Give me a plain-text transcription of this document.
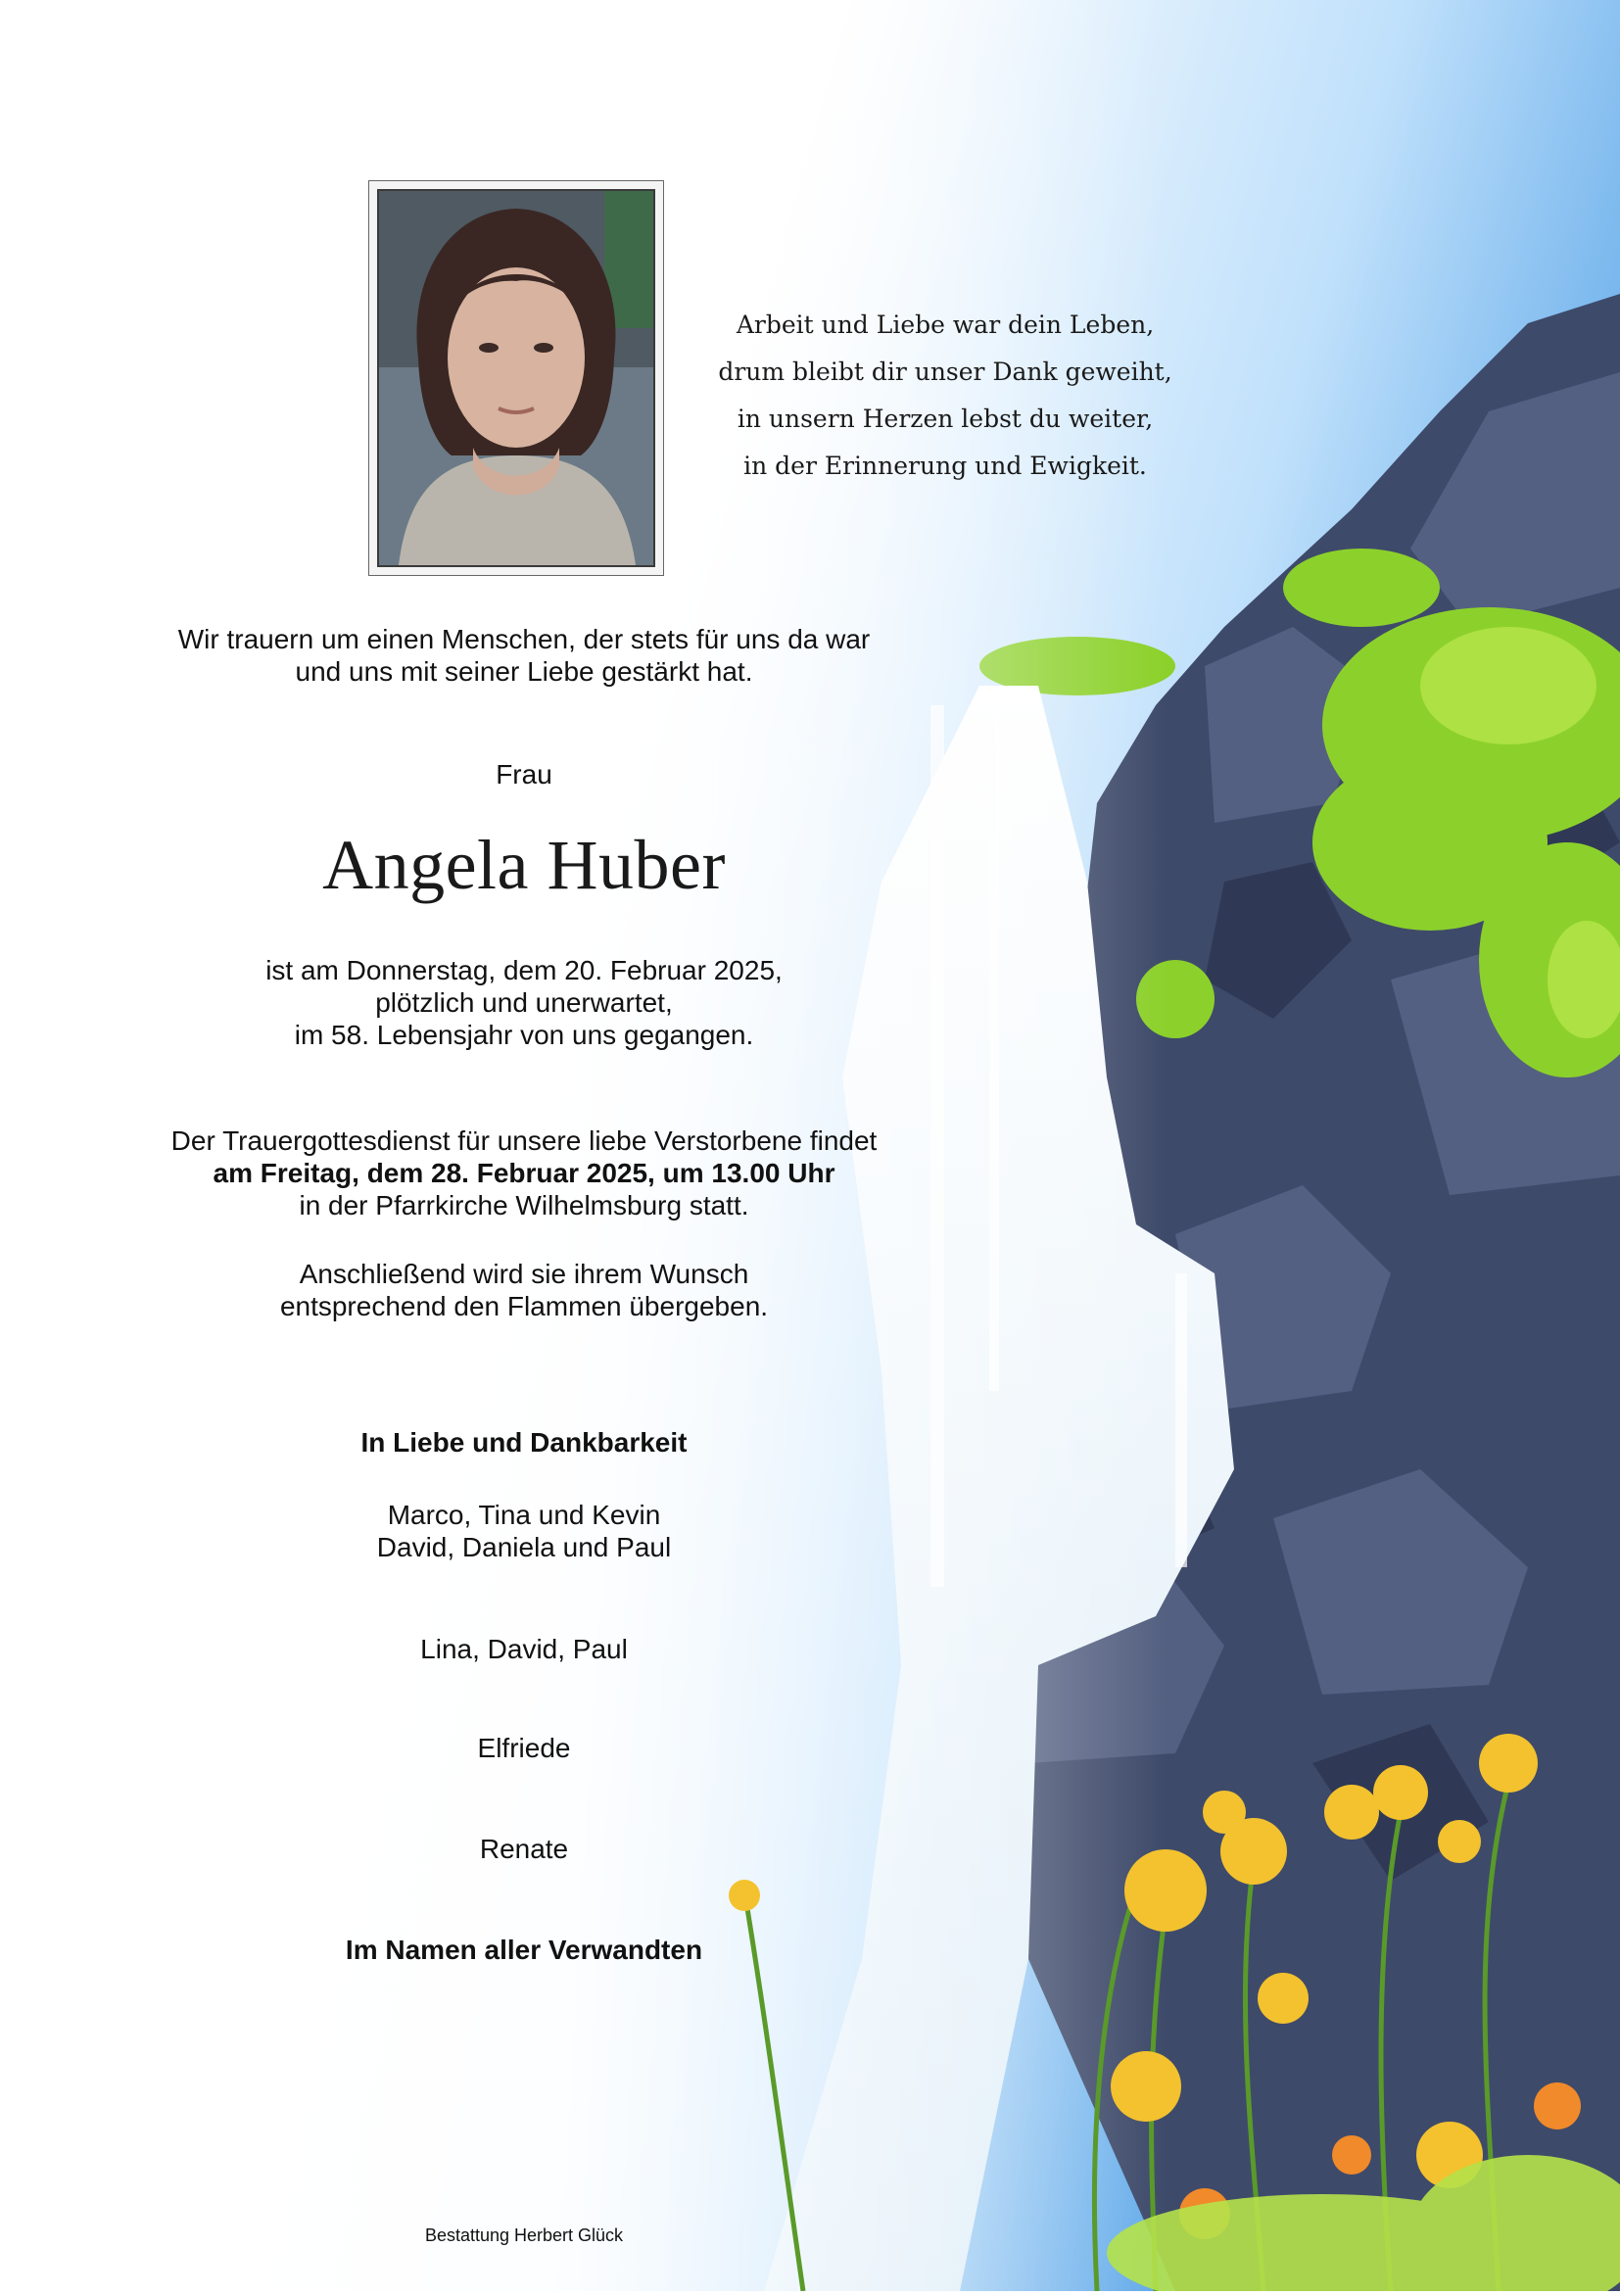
Arbeit und Liebe war dein Leben,
drum bleibt dir unser Dank geweiht,
in unsern Herzen lebst du weiter,
in der Erinnerung und Ewigkeit.
Wir trauern um einen Menschen, der stets für uns da war
und uns mit seiner Liebe gestärkt hat.
Frau
Angela Huber
ist am Donnerstag, dem 20. Februar 2025,
plötzlich und unerwartet,
im 58. Lebensjahr von uns gegangen.
Der Trauergottesdienst für unsere liebe Verstorbene findet
am Freitag, dem 28. Februar 2025, um 13.00 Uhr
in der Pfarrkirche Wilhelmsburg statt.
Anschließend wird sie ihrem Wunsch
entsprechend den Flammen übergeben.
In Liebe und Dankbarkeit
Marco, Tina und Kevin
David, Daniela und Paul
Lina, David, Paul
Elfriede
Renate
Im Namen aller Verwandten
Bestattung Herbert Glück
